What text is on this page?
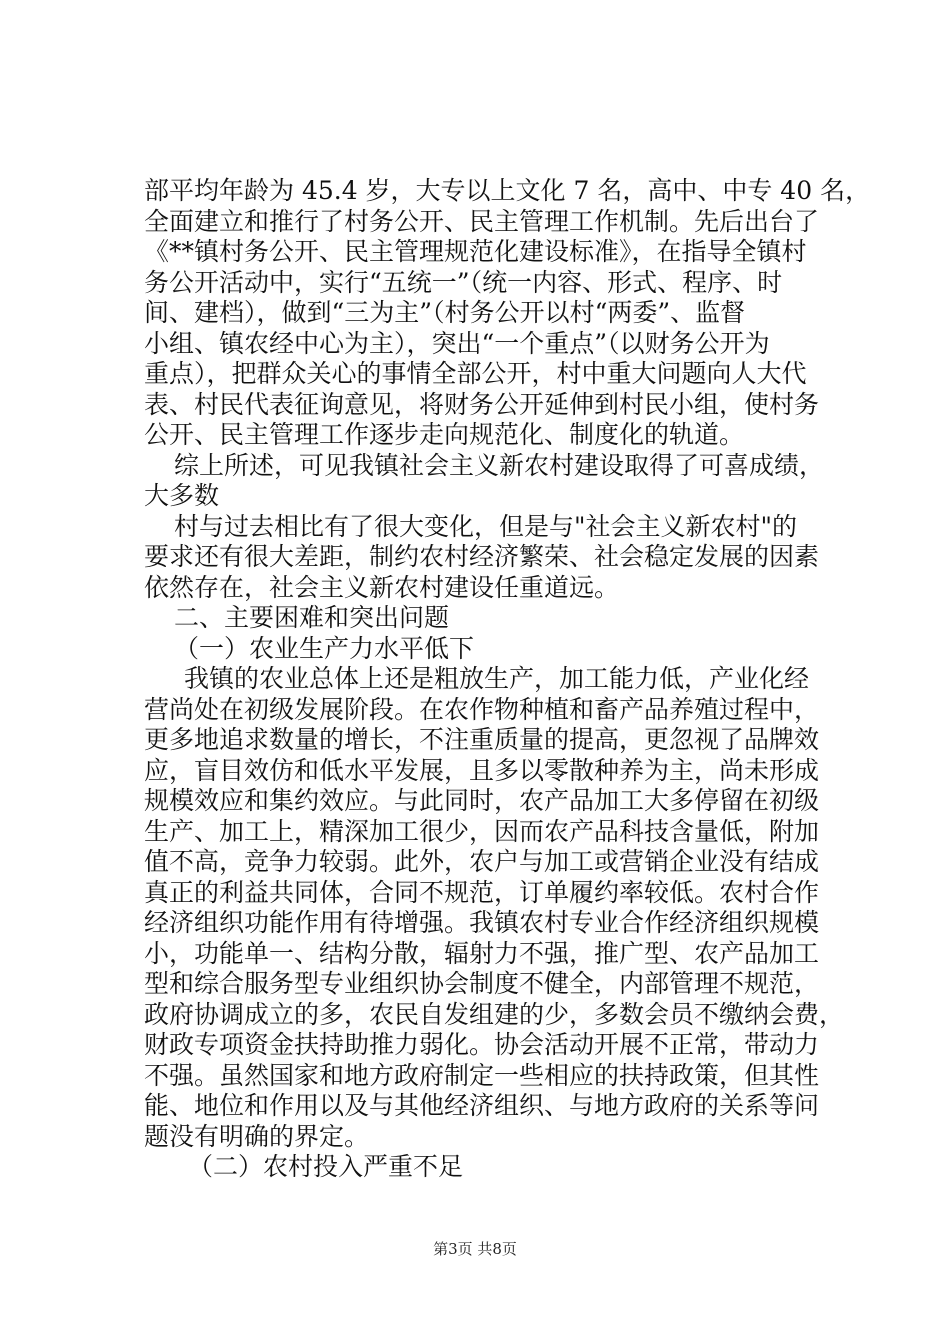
部平均年龄为 45.4 岁，大专以上文化 7 名，高中、中专 40 名，
全面建立和推行了村务公开、民主管理工作机制。先后出台了
《**镇村务公开、民主管理规范化建设标准》，在指导全镇村
务公开活动中，实行“五统一”（统一内容、形式、程序、时
间、建档），做到“三为主”（村务公开以村“两委”、监督
小组、镇农经中心为主），突出“一个重点”（以财务公开为
重点），把群众关心的事情全部公开，村中重大问题向人大代
表、村民代表征询意见，将财务公开延伸到村民小组，使村务
公开、民主管理工作逐步走向规范化、制度化的轨道。
综上所述，可见我镇社会主义新农村建设取得了可喜成绩，
大多数
村与过去相比有了很大变化，但是与"社会主义新农村"的
要求还有很大差距，制约农村经济繁荣、社会稳定发展的因素
依然存在，社会主义新农村建设任重道远。
二、主要困难和突出问题
（一）农业生产力水平低下
我镇的农业总体上还是粗放生产，加工能力低，产业化经
营尚处在初级发展阶段。在农作物种植和畜产品养殖过程中，
更多地追求数量的增长，不注重质量的提高，更忽视了品牌效
应，盲目效仿和低水平发展，且多以零散种养为主，尚未形成
规模效应和集约效应。与此同时，农产品加工大多停留在初级
生产、加工上，精深加工很少，因而农产品科技含量低，附加
值不高，竞争力较弱。此外，农户与加工或营销企业没有结成
真正的利益共同体，合同不规范，订单履约率较低。农村合作
经济组织功能作用有待增强。我镇农村专业合作经济组织规模
小，功能单一、结构分散，辐射力不强，推广型、农产品加工
型和综合服务型专业组织协会制度不健全，内部管理不规范，
政府协调成立的多，农民自发组建的少，多数会员不缴纳会费，
财政专项资金扶持助推力弱化。协会活动开展不正常，带动力
不强。虽然国家和地方政府制定一些相应的扶持政策，但其性
能、地位和作用以及与其他经济组织、与地方政府的关系等问
题没有明确的界定。
（二）农村投入严重不足
第3页 共8页
